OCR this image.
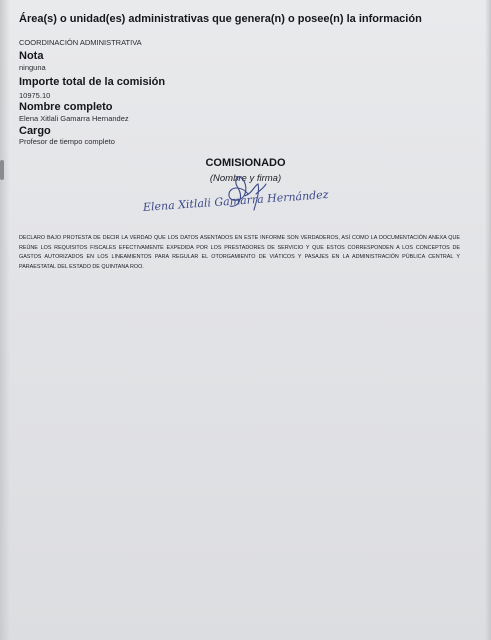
Área(s) o unidad(es) administrativas que genera(n) o posee(n) la información

COORDINACIÓN ADMINISTRATIVA

Nota

ninguna

Importe total de la comisión

10975.10

Nombre completo

Elena Xitlali Gamarra Hernandez

Cargo

Profesor de tiempo completo

COMISIONADO

(Nombre y firma)

Elena Xitlali Gamarra Hernández

DECLARO BAJO PROTESTA DE DECIR LA VERDAD QUE LOS DATOS ASENTADOS EN ESTE INFORME SON VERDADEROS, ASÍ COMO LA DOCUMENTACIÓN ANEXA QUE REÚNE LOS REQUISITOS FISCALES EFECTIVAMENTE EXPEDIDA POR LOS PRESTADORES DE SERVICIO Y QUE ESTOS CORRESPONDEN A LOS CONCEPTOS DE GASTOS AUTORIZADOS EN LOS LINEAMIENTOS PARA REGULAR EL OTORGAMIENTO DE VIÁTICOS Y PASAJES EN LA ADMINISTRACIÓN PÚBLICA CENTRAL Y PARAESTATAL DEL ESTADO DE QUINTANA ROO.
